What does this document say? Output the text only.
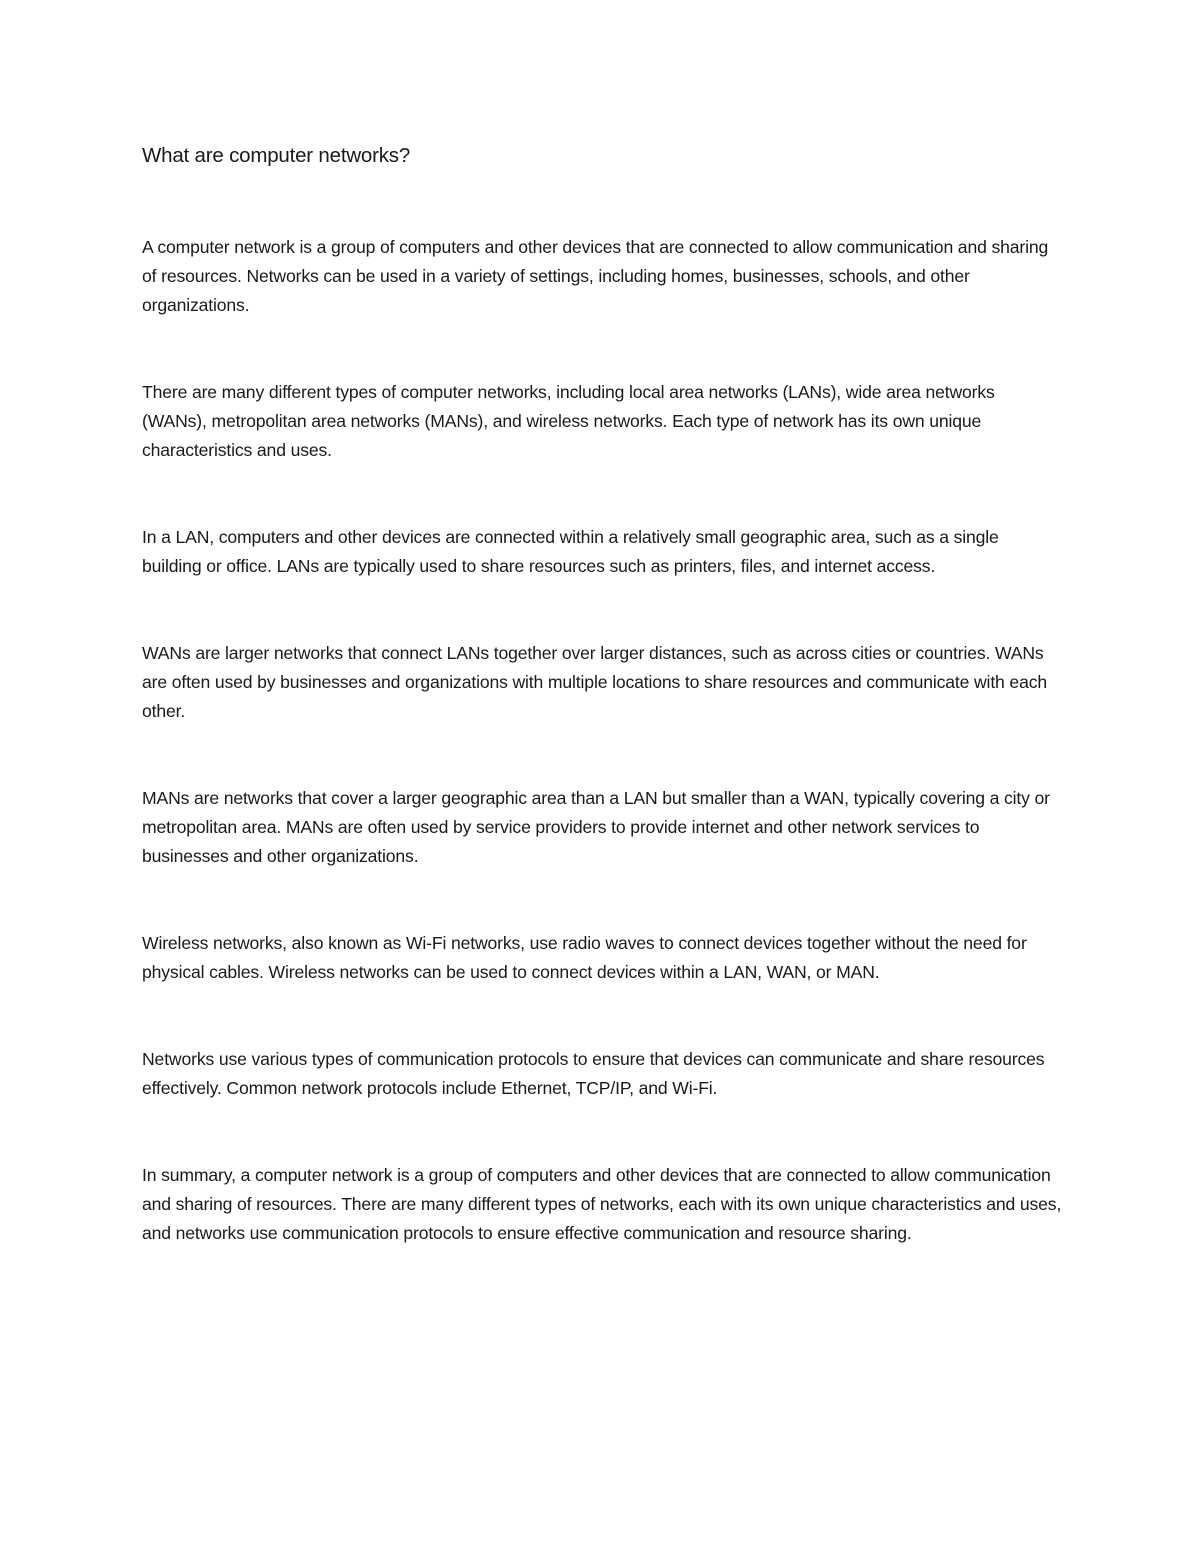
What are computer networks?

A computer network is a group of computers and other devices that are connected to allow communication and sharing of resources. Networks can be used in a variety of settings, including homes, businesses, schools, and other organizations.

There are many different types of computer networks, including local area networks (LANs), wide area networks (WANs), metropolitan area networks (MANs), and wireless networks. Each type of network has its own unique characteristics and uses.

In a LAN, computers and other devices are connected within a relatively small geographic area, such as a single building or office. LANs are typically used to share resources such as printers, files, and internet access.

WANs are larger networks that connect LANs together over larger distances, such as across cities or countries. WANs are often used by businesses and organizations with multiple locations to share resources and communicate with each other.

MANs are networks that cover a larger geographic area than a LAN but smaller than a WAN, typically covering a city or metropolitan area. MANs are often used by service providers to provide internet and other network services to businesses and other organizations.

Wireless networks, also known as Wi-Fi networks, use radio waves to connect devices together without the need for physical cables. Wireless networks can be used to connect devices within a LAN, WAN, or MAN.

Networks use various types of communication protocols to ensure that devices can communicate and share resources effectively. Common network protocols include Ethernet, TCP/IP, and Wi-Fi.

In summary, a computer network is a group of computers and other devices that are connected to allow communication and sharing of resources. There are many different types of networks, each with its own unique characteristics and uses, and networks use communication protocols to ensure effective communication and resource sharing.
